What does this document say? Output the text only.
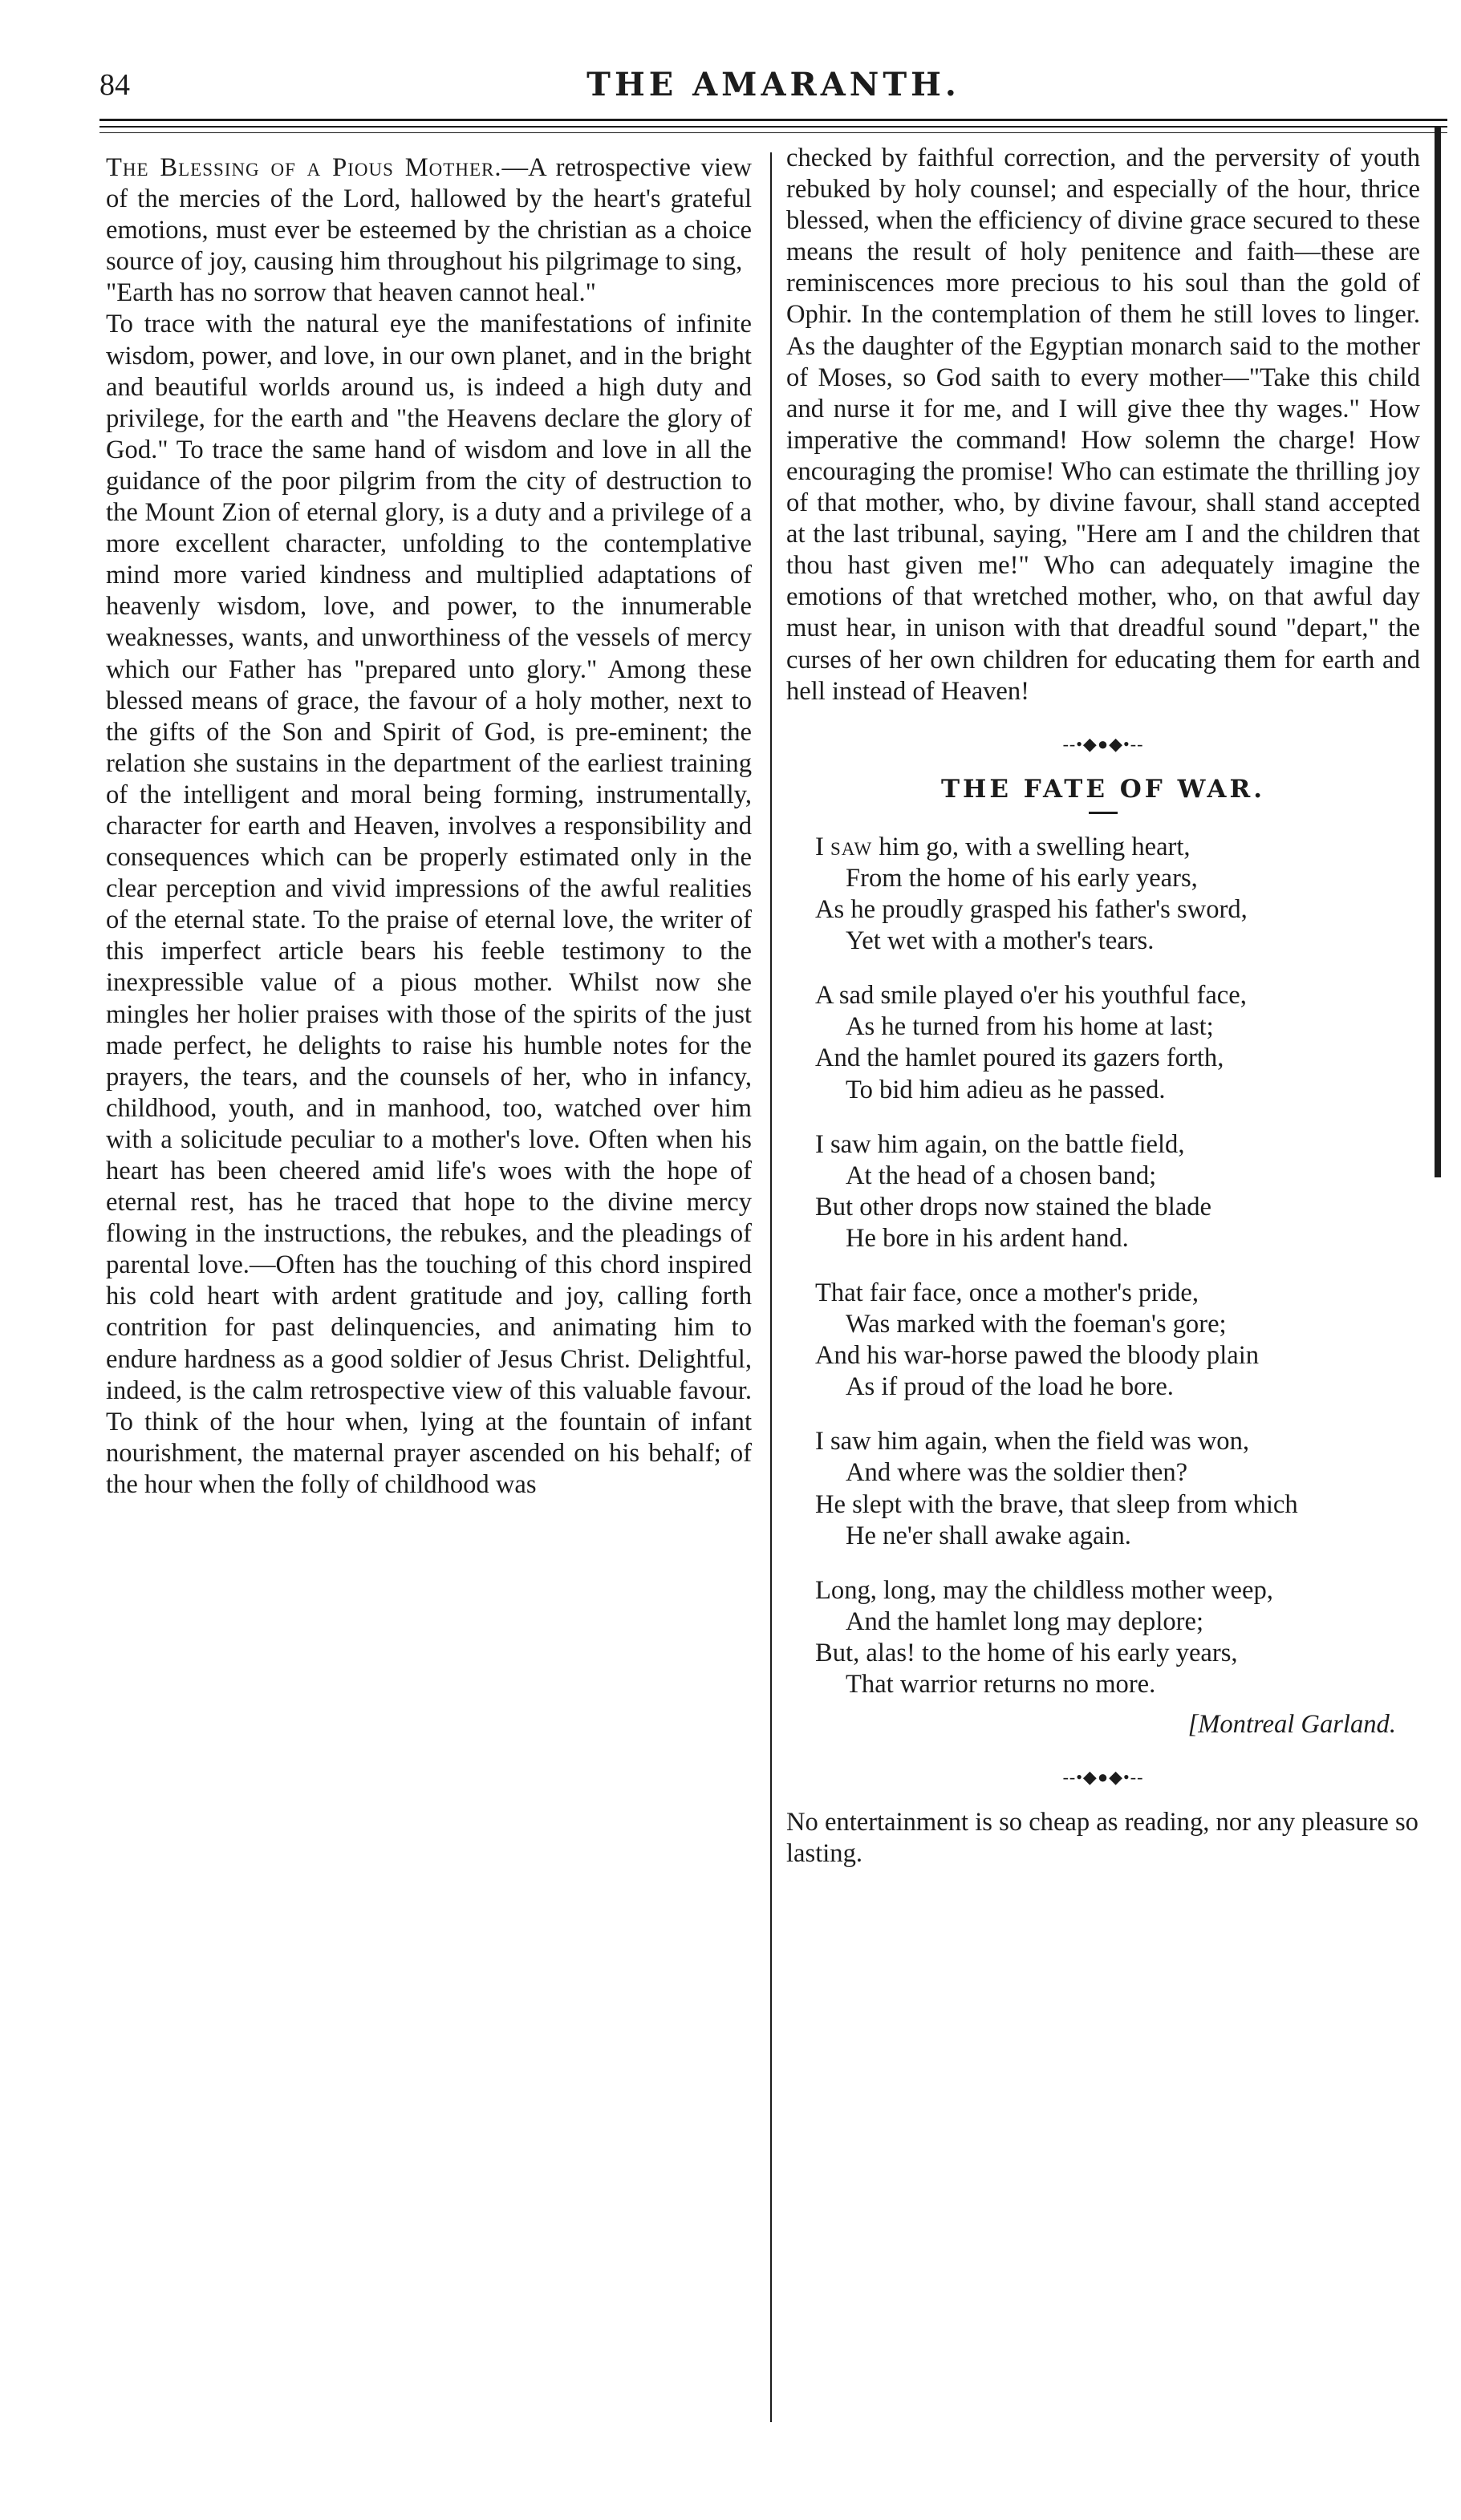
84	THE AMARANTH.

The Blessing of a Pious Mother.—A retrospective view of the mercies of the Lord, hallowed by the heart's grateful emotions, must ever be esteemed by the christian as a choice source of joy, causing him throughout his pilgrimage to sing,

"Earth has no sorrow that heaven cannot heal."

To trace with the natural eye the manifestations of infinite wisdom, power, and love, in our own planet, and in the bright and beautiful worlds around us, is indeed a high duty and privilege, for the earth and "the Heavens declare the glory of God." To trace the same hand of wisdom and love in all the guidance of the poor pilgrim from the city of destruction to the Mount Zion of eternal glory, is a duty and a privilege of a more excellent character, unfolding to the contemplative mind more varied kindness and multiplied adaptations of heavenly wisdom, love, and power, to the innumerable weaknesses, wants, and unworthiness of the vessels of mercy which our Father has "prepared unto glory." Among these blessed means of grace, the favour of a holy mother, next to the gifts of the Son and Spirit of God, is pre-eminent; the relation she sustains in the department of the earliest training of the intelligent and moral being forming, instrumentally, character for earth and Heaven, involves a responsibility and consequences which can be properly estimated only in the clear perception and vivid impressions of the awful realities of the eternal state. To the praise of eternal love, the writer of this imperfect article bears his feeble testimony to the inexpressible value of a pious mother. Whilst now she mingles her holier praises with those of the spirits of the just made perfect, he delights to raise his humble notes for the prayers, the tears, and the counsels of her, who in infancy, childhood, youth, and in manhood, too, watched over him with a solicitude peculiar to a mother's love. Often when his heart has been cheered amid life's woes with the hope of eternal rest, has he traced that hope to the divine mercy flowing in the instructions, the rebukes, and the pleadings of parental love.—Often has the touching of this chord inspired his cold heart with ardent gratitude and joy, calling forth contrition for past delinquencies, and animating him to endure hardness as a good soldier of Jesus Christ. Delightful, indeed, is the calm retrospective view of this valuable favour. To think of the hour when, lying at the fountain of infant nourishment, the maternal prayer ascended on his behalf; of the hour when the folly of childhood was

checked by faithful correction, and the perversity of youth rebuked by holy counsel; and especially of the hour, thrice blessed, when the efficiency of divine grace secured to these means the result of holy penitence and faith—these are reminiscences more precious to his soul than the gold of Ophir. In the contemplation of them he still loves to linger. As the daughter of the Egyptian monarch said to the mother of Moses, so God saith to every mother—"Take this child and nurse it for me, and I will give thee thy wages." How imperative the command! How solemn the charge! How encouraging the promise! Who can estimate the thrilling joy of that mother, who, by divine favour, shall stand accepted at the last tribunal, saying, "Here am I and the children that thou hast given me!" Who can adequately imagine the emotions of that wretched mother, who, on that awful day must hear, in unison with that dreadful sound "depart," the curses of her own children for educating them for earth and hell instead of Heaven!

--•◆●◆•--
THE FATE OF WAR.
I saw him go, with a swelling heart,
From the home of his early years,
As he proudly grasped his father's sword,
Yet wet with a mother's tears.
A sad smile played o'er his youthful face,
As he turned from his home at last;
And the hamlet poured its gazers forth,
To bid him adieu as he passed.
I saw him again, on the battle field,
At the head of a chosen band;
But other drops now stained the blade
He bore in his ardent hand.
That fair face, once a mother's pride,
Was marked with the foeman's gore;
And his war-horse pawed the bloody plain
As if proud of the load he bore.
I saw him again, when the field was won,
And where was the soldier then?
He slept with the brave, that sleep from which
He ne'er shall awake again.
Long, long, may the childless mother weep,
And the hamlet long may deplore;
But, alas! to the home of his early years,
That warrior returns no more.
[Montreal Garland.
--•◆●◆•--

No entertainment is so cheap as reading, nor any pleasure so lasting.
